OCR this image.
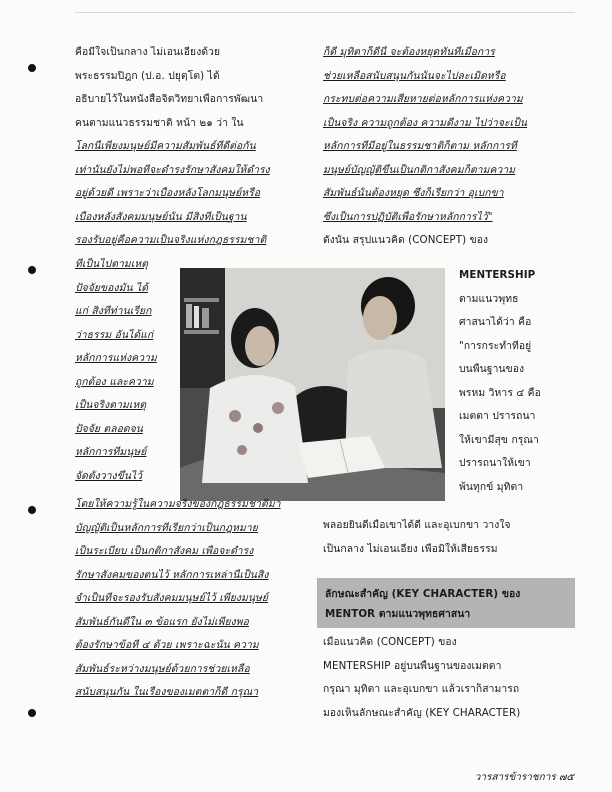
คือมีใจเป็นกลาง ไม่เอนเอียงด้วย
พระธรรมปิฎก (ป.อ. ปยุตฺโต) ได้
อธิบายไว้ในหนังสือจิตวิทยาเพื่อการพัฒนา
คนตามแนวธรรมชาติ หน้า ๒๑ ว่า ใน
โลกนี้เพียงมนุษย์มีความสัมพันธ์ที่ดีต่อกัน
เท่านั้นยังไม่พอที่จะดำรงรักษาสังคมให้ดำรง
อยู่ด้วยดี เพราะว่าเบื้องหลังโลกมนุษย์หรือ
เบื้องหลังสังคมมนุษย์นั้น มีสิ่งที่เป็นฐาน
รองรับอยู่คือความเป็นจริงแห่งกฎธรรมชาติ
ที่เป็นไปตามเหตุ
ปัจจัยของมัน ได้
แก่ สิ่งที่ท่านเรียก
ว่าธรรม อันได้แก่
หลักการแห่งความ
ถูกต้อง และความ
เป็นจริงตามเหตุ
ปัจจัย ตลอดจน
หลักการที่มนุษย์
จัดตั้งวางขึ้นไว้
โดยให้ความรู้ในความจริงของกฎธรรมชาติมา
บัญญัติเป็นหลักการที่เรียกว่าเป็นกฎหมาย
เป็นระเบียบ เป็นกติกาสังคม เพื่อจะดำรง
รักษาสังคมของตนไว้ หลักการเหล่านี้เป็นสิ่ง
จำเป็นที่จะรองรับสังคมมนุษย์ไว้ เพียงมนุษย์
สัมพันธ์กันดีใน ๓ ข้อแรก ยังไม่เพียงพอ
ต้องรักษาข้อที่ ๔ ด้วย เพราะฉะนั้น ความ
สัมพันธ์ระหว่างมนุษย์ด้วยการช่วยเหลือ
สนับสนุนกัน ในเรื่องของเมตตาก็ดี กรุณา
ก็ดี มุทิตาก็ดีนี้ จะต้องหยุดทันทีเมื่อการ
ช่วยเหลือสนับสนุนกันนั้นจะไปละเมิดหรือ
กระทบต่อความเสียหายต่อหลักการแห่งความ
เป็นจริง ความถูกต้อง ความดีงาม ไปว่าจะเป็น
หลักการที่มีอยู่ในธรรมชาติก็ตาม หลักการที่
มนุษย์บัญญัติขึ้นเป็นกติกาสังคมก็ตามความ
สัมพันธ์นั้นต้องหยุด ซึ่งก็เรียกว่า อุเบกขา
ซึ่งเป็นการปฏิบัติเพื่อรักษาหลักการไว้"
ดังนั้น สรุปแนวคิด (CONCEPT) ของ
MENTERSHIP
ตามแนวพุทธ
ศาสนาได้ว่า คือ
"การกระทำที่อยู่
บนพื้นฐานของ
พรหม วิหาร ๔ คือ
เมตตา ปรารถนา
ให้เขามีสุข กรุณา
ปรารถนาให้เขา
พ้นทุกข์ มุทิตา
พลอยยินดีเมื่อเขาได้ดี และอุเบกขา วางใจ
เป็นกลาง ไม่เอนเอียง เพื่อมิให้เสียธรรม
ลักษณะสำคัญ (KEY CHARACTER) ของ
MENTOR ตามแนวพุทธศาสนา
เมื่อแนวคิด (CONCEPT) ของ
MENTERSHIP อยู่บนพื้นฐานของเมตตา
กรุณา มุทิตา และอุเบกขา แล้วเราก็สามารถ
มองเห็นลักษณะสำคัญ (KEY CHARACTER)
วารสารข้าราชการ ๗๕
